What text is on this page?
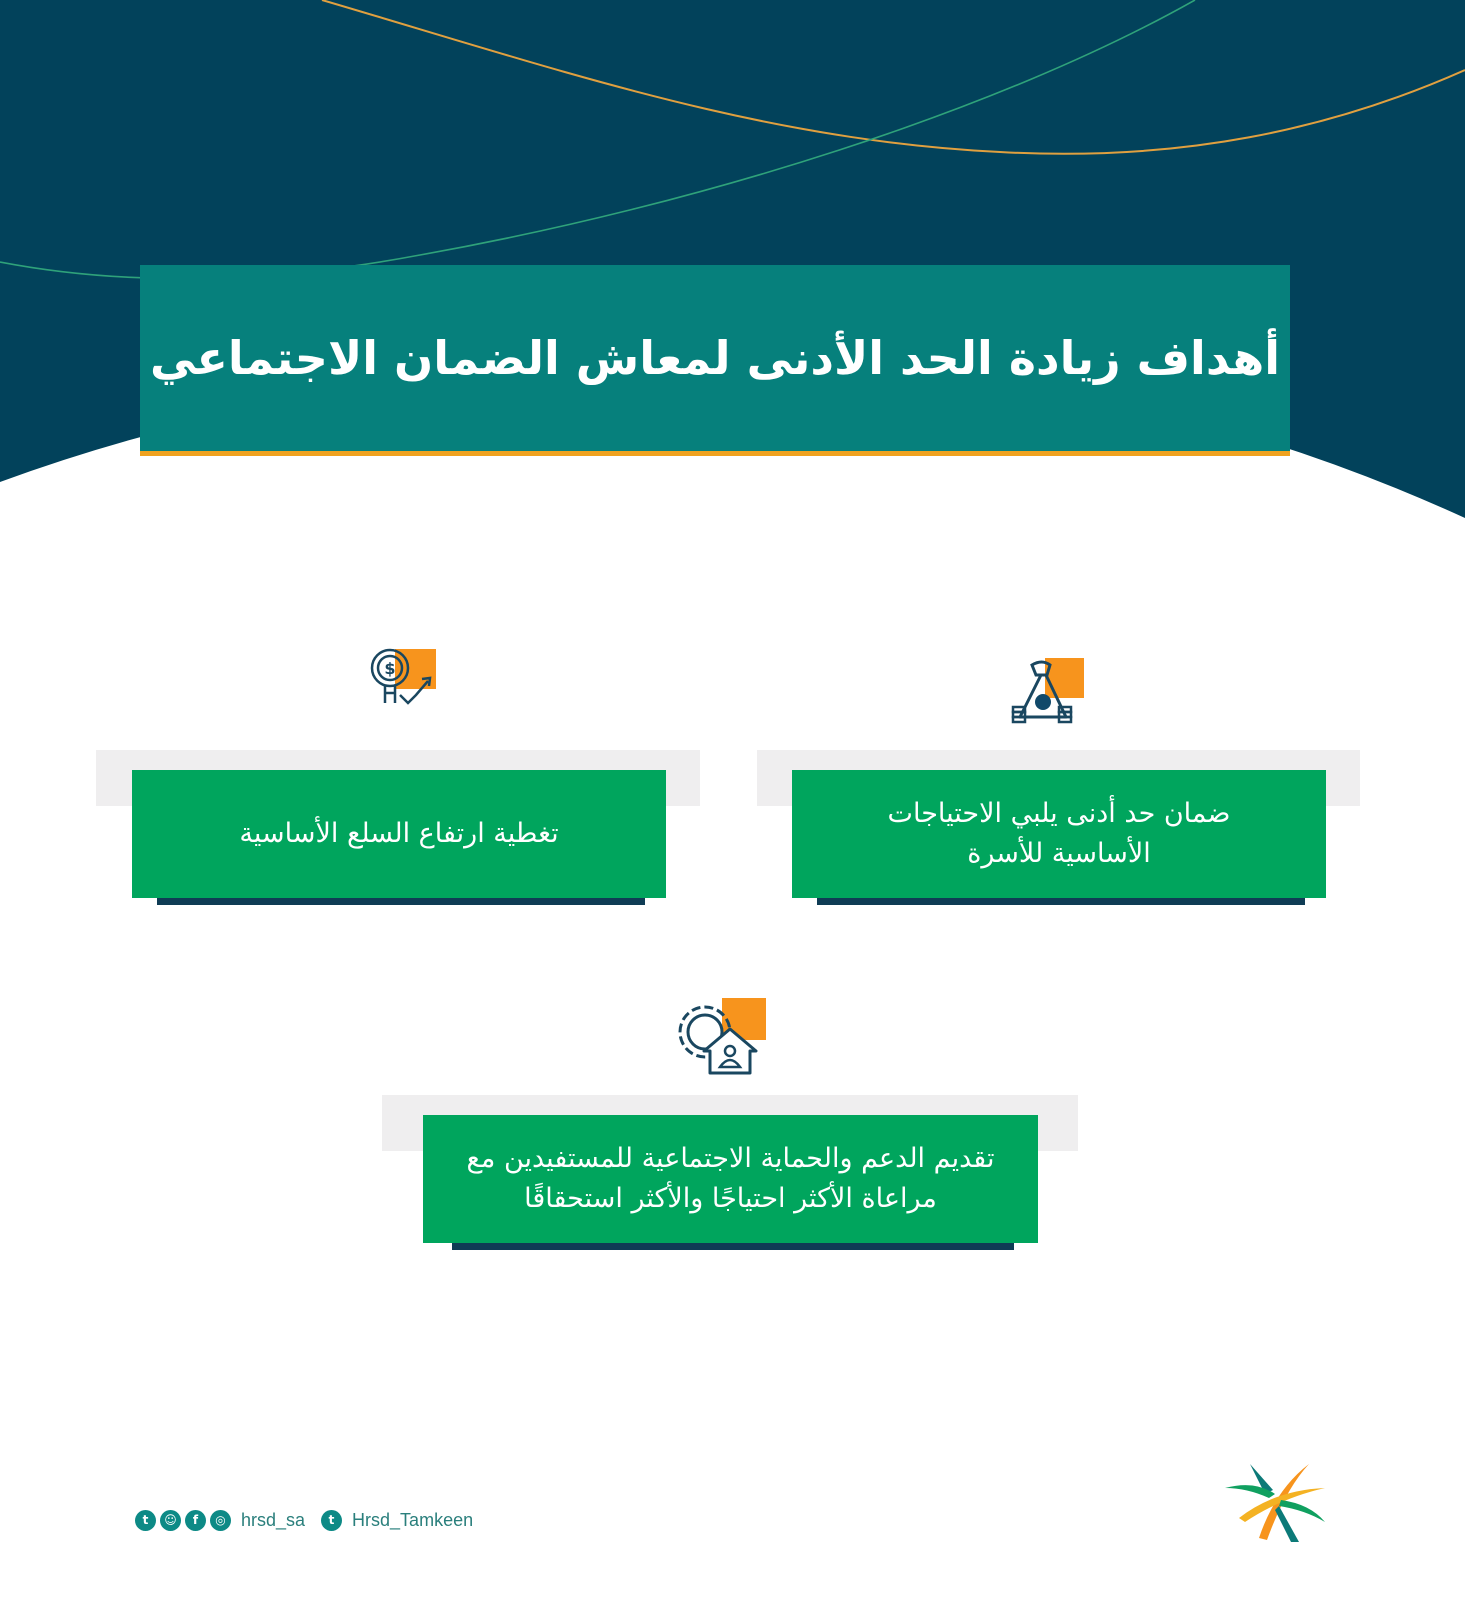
أهداف زيادة الحد الأدنى لمعاش الضمان الاجتماعي
ضمان حد أدنى يلبي الاحتياجات الأساسية للأسرة
$
تغطية ارتفاع السلع الأساسية
تقديم الدعم والحماية الاجتماعية للمستفيدين مع مراعاة الأكثر احتياجًا والأكثر استحقاقًا
t	☺	f	◎ hrsd_sa	t Hrsd_Tamkeen
